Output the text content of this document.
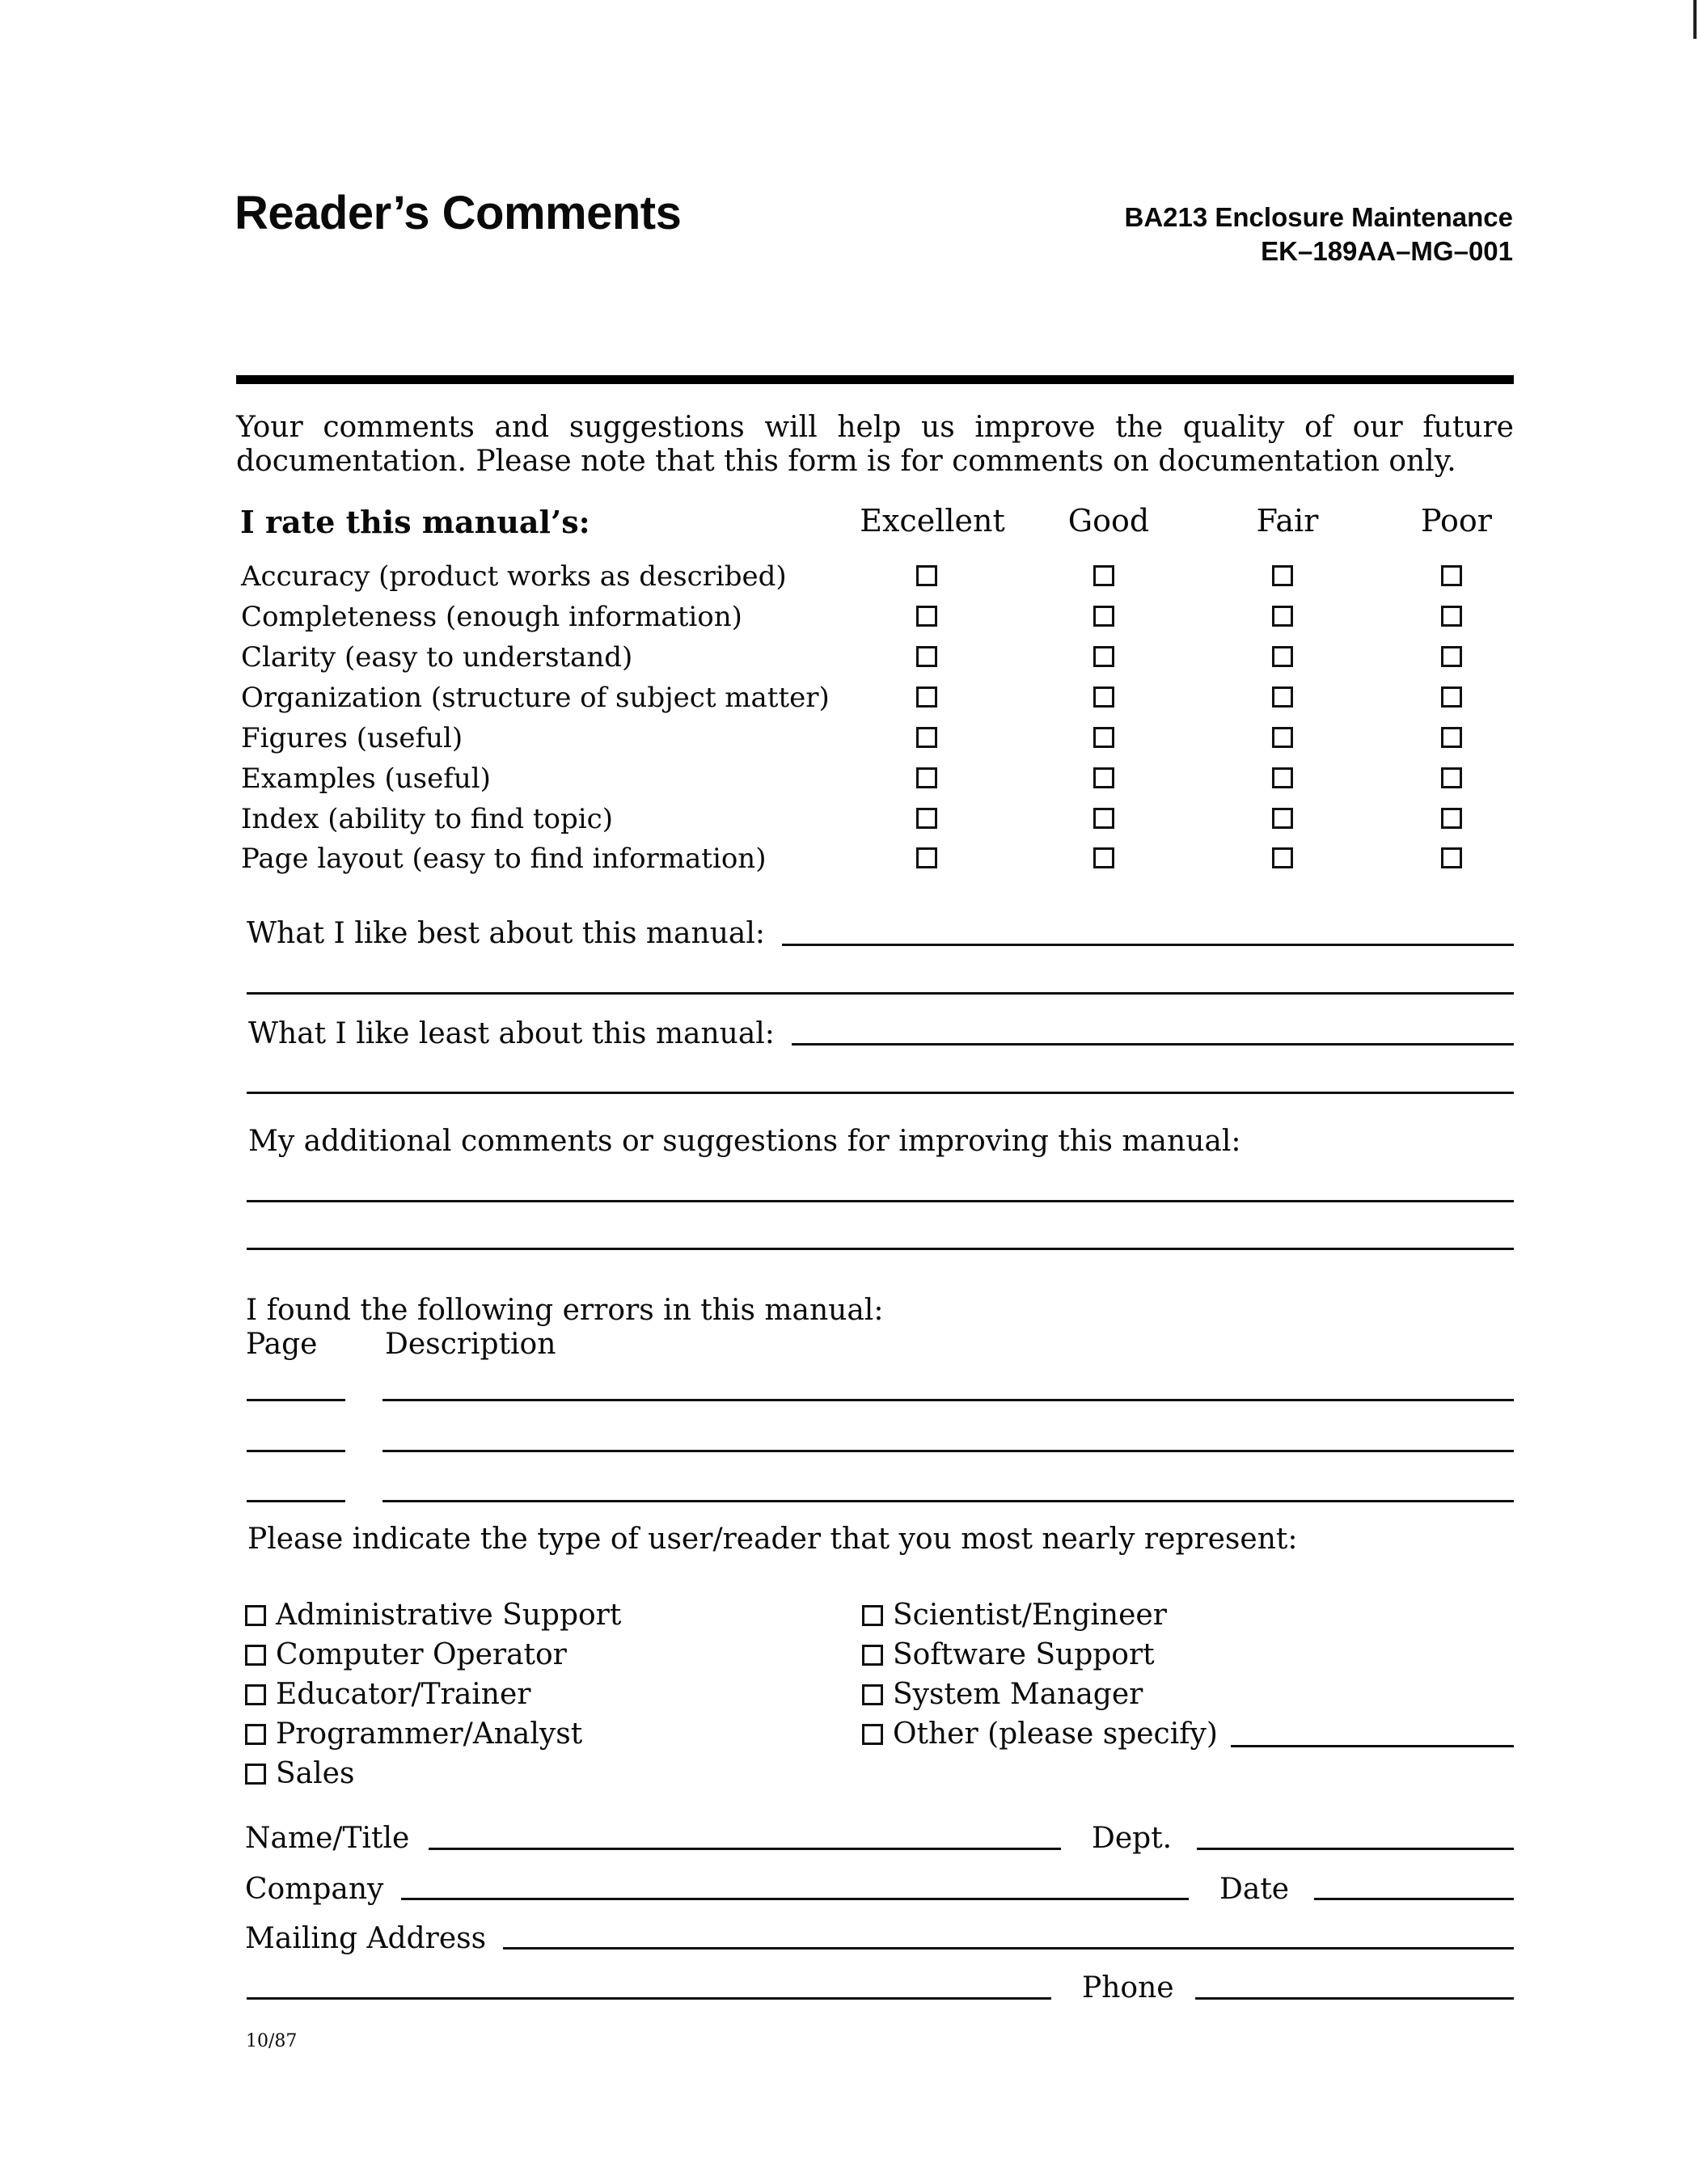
Reader’s Comments	BA213 Enclosure Maintenance
EK–189AA–MG–001
Your comments and suggestions will help us improve the quality of our future documentation. Please note that this form is for comments on documentation only.
I rate this manual’s:	Excellent	Good	Fair	Poor
Accuracy (product works as described)
Completeness (enough information)
Clarity (easy to understand)
Organization (structure of subject matter)
Figures (useful)
Examples (useful)
Index (ability to find topic)
Page layout (easy to find information)
What I like best about this manual:
What I like least about this manual:
My additional comments or suggestions for improving this manual:
I found the following errors in this manual:
Page Description
Please indicate the type of user/reader that you most nearly represent:
Administrative Support
Computer Operator
Educator/Trainer
Programmer/Analyst
Sales
Scientist/Engineer
Software Support
System Manager
Other (please specify)
Name/Title	Dept.
Company	Date
Mailing Address
Phone
10/87
